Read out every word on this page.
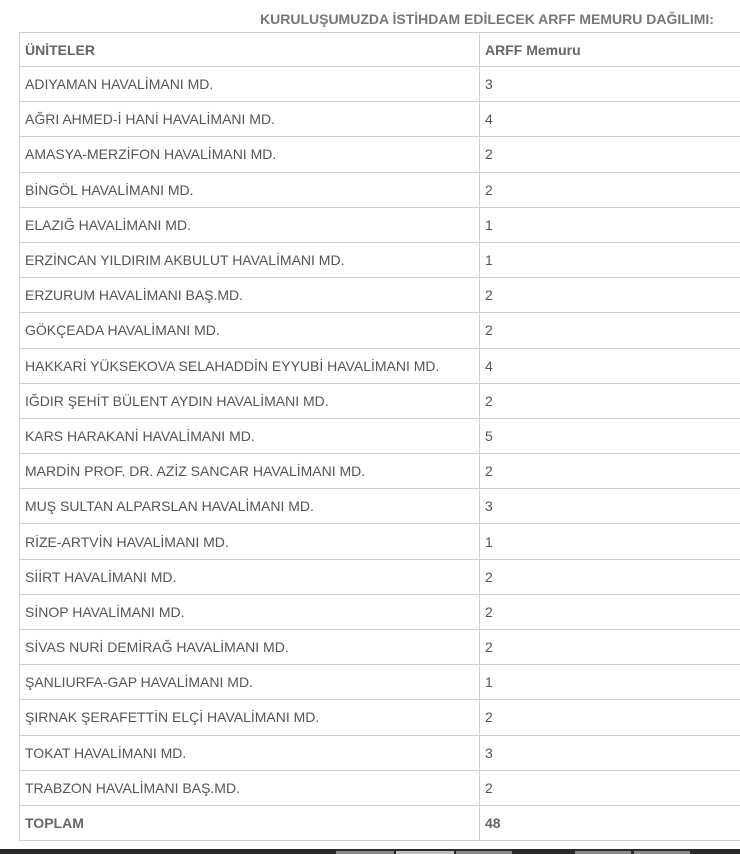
KURULUŞUMUZDA İSTİHDAM EDİLECEK ARFF MEMURU DAĞILIMI:
ÜNİTELER	ARFF Memuru
ADIYAMAN HAVALİMANI MD.	3
AĞRI AHMED-İ HANİ HAVALİMANI MD.	4
AMASYA-MERZİFON HAVALİMANI MD.	2
BİNGÖL HAVALİMANI MD.	2
ELAZIĞ HAVALİMANI MD.	1
ERZİNCAN YILDIRIM AKBULUT HAVALİMANI MD.	1
ERZURUM HAVALİMANI BAŞ.MD.	2
GÖKÇEADA HAVALİMANI MD.	2
HAKKARİ YÜKSEKOVA SELAHADDİN EYYUBİ HAVALİMANI MD.	4
IĞDIR ŞEHİT BÜLENT AYDIN HAVALİMANI MD.	2
KARS HARAKANİ HAVALİMANI MD.	5
MARDİN PROF. DR. AZİZ SANCAR HAVALİMANI MD.	2
MUŞ SULTAN ALPARSLAN HAVALİMANI MD.	3
RİZE-ARTVİN HAVALİMANI MD.	1
SİİRT HAVALİMANI MD.	2
SİNOP HAVALİMANI MD.	2
SİVAS NURİ DEMİRAĞ HAVALİMANI MD.	2
ŞANLIURFA-GAP HAVALİMANI MD.	1
ŞIRNAK ŞERAFETTİN ELÇİ HAVALİMANI MD.	2
TOKAT HAVALİMANI MD.	3
TRABZON HAVALİMANI BAŞ.MD.	2
TOPLAM	48
